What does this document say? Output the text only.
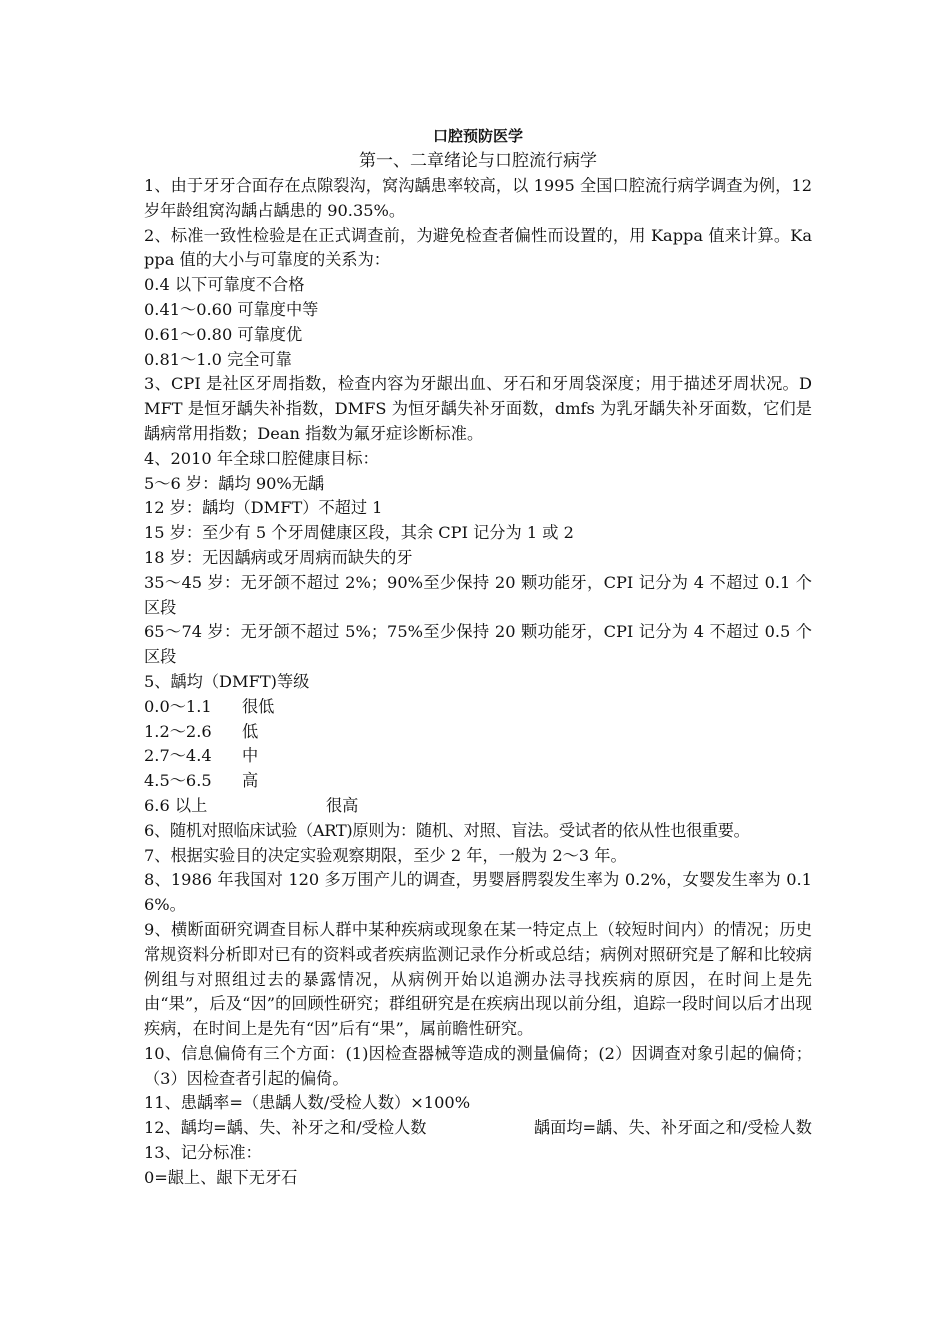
口腔预防医学
第一、二章绪论与口腔流行病学

1、由于牙牙合面存在点隙裂沟，窝沟龋患率较高，以 1995 全国口腔流行病学调查为例，12 岁年龄组窝沟龋占龋患的 90.35%。

2、标准一致性检验是在正式调查前，为避免检查者偏性而设置的，用 Kappa 值来计算。Kappa 值的大小与可靠度的关系为：

0.4 以下可靠度不合格

0.41～0.60 可靠度中等

0.61～0.80 可靠度优

0.81～1.0 完全可靠

3、CPI 是社区牙周指数，检查内容为牙龈出血、牙石和牙周袋深度；用于描述牙周状况。DMFT 是恒牙龋失补指数，DMFS 为恒牙龋失补牙面数，dmfs 为乳牙龋失补牙面数，它们是龋病常用指数；Dean 指数为氟牙症诊断标准。

4、2010 年全球口腔健康目标：

5～6 岁：龋均 90%无龋

12 岁：龋均（DMFT）不超过 1

15 岁：至少有 5 个牙周健康区段，其余 CPI 记分为 1 或 2

18 岁：无因龋病或牙周病而缺失的牙

35～45 岁：无牙颌不超过 2%；90%至少保持 20 颗功能牙，CPI 记分为 4 不超过 0.1 个区段

65～74 岁：无牙颌不超过 5%；75%至少保持 20 颗功能牙，CPI 记分为 4 不超过 0.5 个区段

5、龋均（DMFT)等级

0.0～1.1	很低
1.2～2.6	低
2.7～4.4	中
4.5～6.5	高
6.6 以上	很高

6、随机对照临床试验（ART)原则为：随机、对照、盲法。受试者的依从性也很重要。

7、根据实验目的决定实验观察期限，至少 2 年，一般为 2～3 年。

8、1986 年我国对 120 多万围产儿的调查，男婴唇腭裂发生率为 0.2%，女婴发生率为 0.16%。

9、横断面研究调查目标人群中某种疾病或现象在某一特定点上（较短时间内）的情况；历史常规资料分析即对已有的资料或者疾病监测记录作分析或总结；病例对照研究是了解和比较病例组与对照组过去的暴露情况，从病例开始以追溯办法寻找疾病的原因，在时间上是先由“果”，后及“因”的回顾性研究；群组研究是在疾病出现以前分组，追踪一段时间以后才出现疾病，在时间上是先有“因”后有“果”，属前瞻性研究。

10、信息偏倚有三个方面：(1)因检查器械等造成的测量偏倚；(2）因调查对象引起的偏倚；（3）因检查者引起的偏倚。

11、患龋率=（患龋人数/受检人数）×100%

12、龋均=龋、失、补牙之和/受检人数	龋面均=龋、失、补牙面之和/受检人数

13、记分标准：

0=龈上、龈下无牙石
